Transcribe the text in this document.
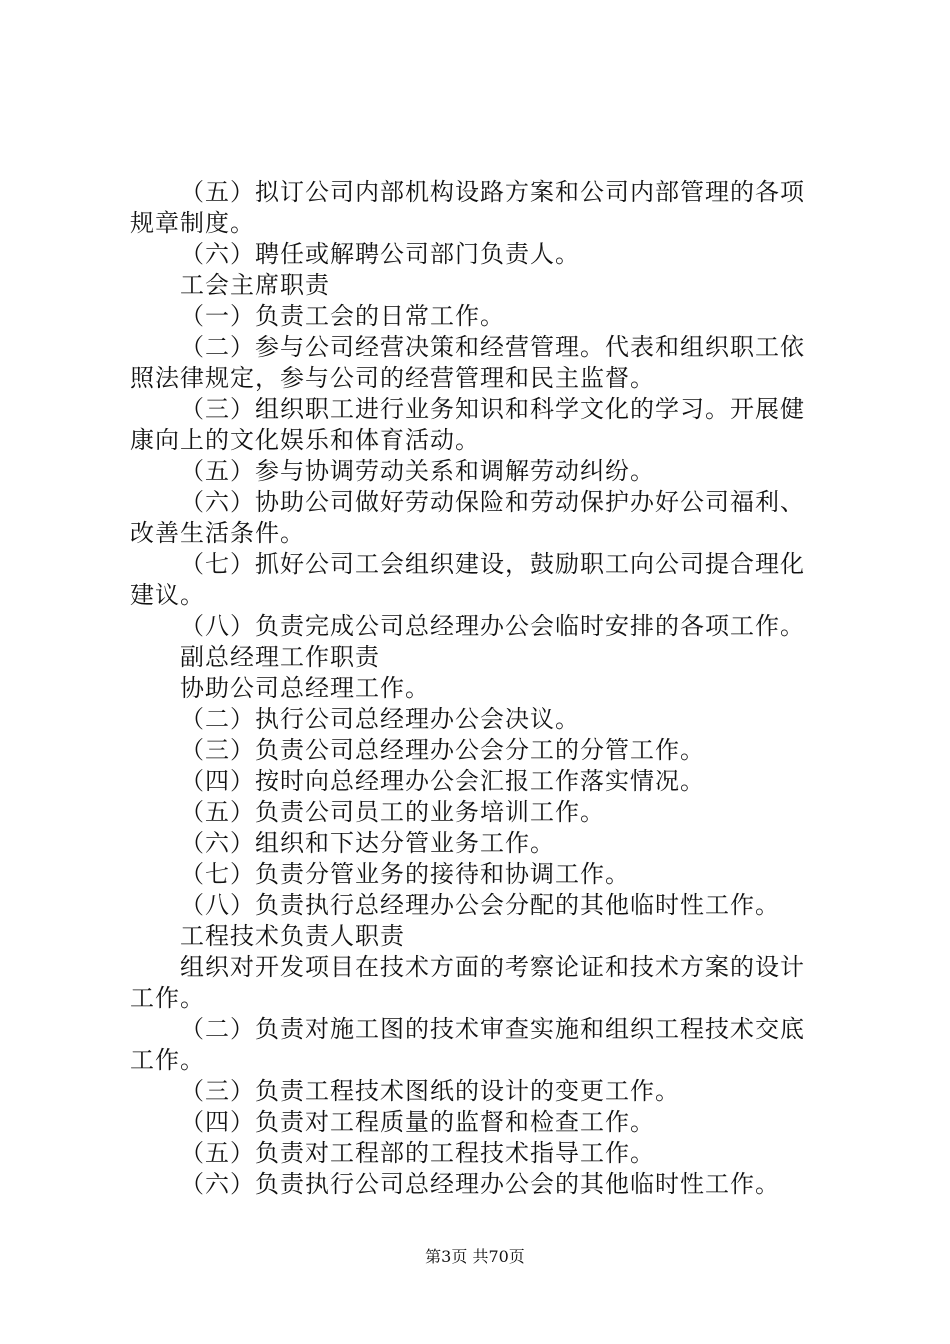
（五）拟订公司内部机构设路方案和公司内部管理的各项
规章制度。
（六）聘任或解聘公司部门负责人。
工会主席职责
（一）负责工会的日常工作。
（二）参与公司经营决策和经营管理。代表和组织职工依
照法律规定，参与公司的经营管理和民主监督。
（三）组织职工进行业务知识和科学文化的学习。开展健
康向上的文化娱乐和体育活动。
（五）参与协调劳动关系和调解劳动纠纷。
（六）协助公司做好劳动保险和劳动保护办好公司福利、
改善生活条件。
（七）抓好公司工会组织建设，鼓励职工向公司提合理化
建议。
（八）负责完成公司总经理办公会临时安排的各项工作。
副总经理工作职责
协助公司总经理工作。
（二）执行公司总经理办公会决议。
（三）负责公司总经理办公会分工的分管工作。
（四）按时向总经理办公会汇报工作落实情况。
（五）负责公司员工的业务培训工作。
（六）组织和下达分管业务工作。
（七）负责分管业务的接待和协调工作。
（八）负责执行总经理办公会分配的其他临时性工作。
工程技术负责人职责
组织对开发项目在技术方面的考察论证和技术方案的设计
工作。
（二）负责对施工图的技术审查实施和组织工程技术交底
工作。
（三）负责工程技术图纸的设计的变更工作。
（四）负责对工程质量的监督和检查工作。
（五）负责对工程部的工程技术指导工作。
（六）负责执行公司总经理办公会的其他临时性工作。
第3页 共70页
